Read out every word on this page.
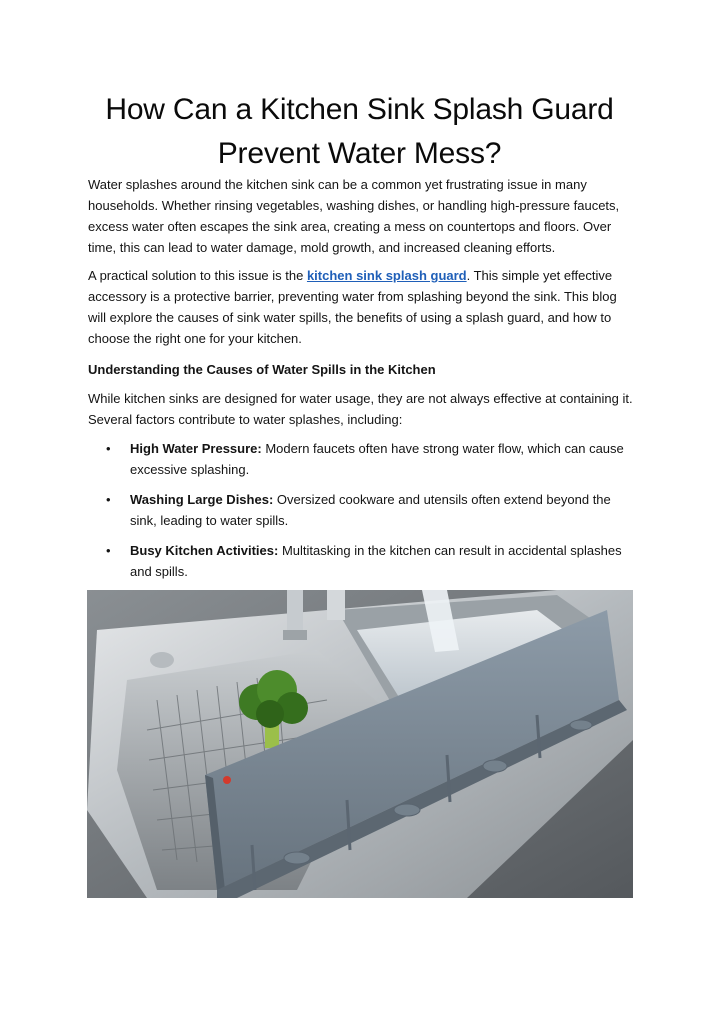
How Can a Kitchen Sink Splash Guard
Prevent Water Mess?

Water splashes around the kitchen sink can be a common yet frustrating issue in many households. Whether rinsing vegetables, washing dishes, or handling high-pressure faucets, excess water often escapes the sink area, creating a mess on countertops and floors. Over time, this can lead to water damage, mold growth, and increased cleaning efforts.

A practical solution to this issue is the kitchen sink splash guard. This simple yet effective accessory is a protective barrier, preventing water from splashing beyond the sink. This blog will explore the causes of sink water spills, the benefits of using a splash guard, and how to choose the right one for your kitchen.

Understanding the Causes of Water Spills in the Kitchen

While kitchen sinks are designed for water usage, they are not always effective at containing it. Several factors contribute to water splashes, including:

• High Water Pressure: Modern faucets often have strong water flow, which can cause excessive splashing.
• Washing Large Dishes: Oversized cookware and utensils often extend beyond the sink, leading to water spills.
• Busy Kitchen Activities: Multitasking in the kitchen can result in accidental splashes and spills.
